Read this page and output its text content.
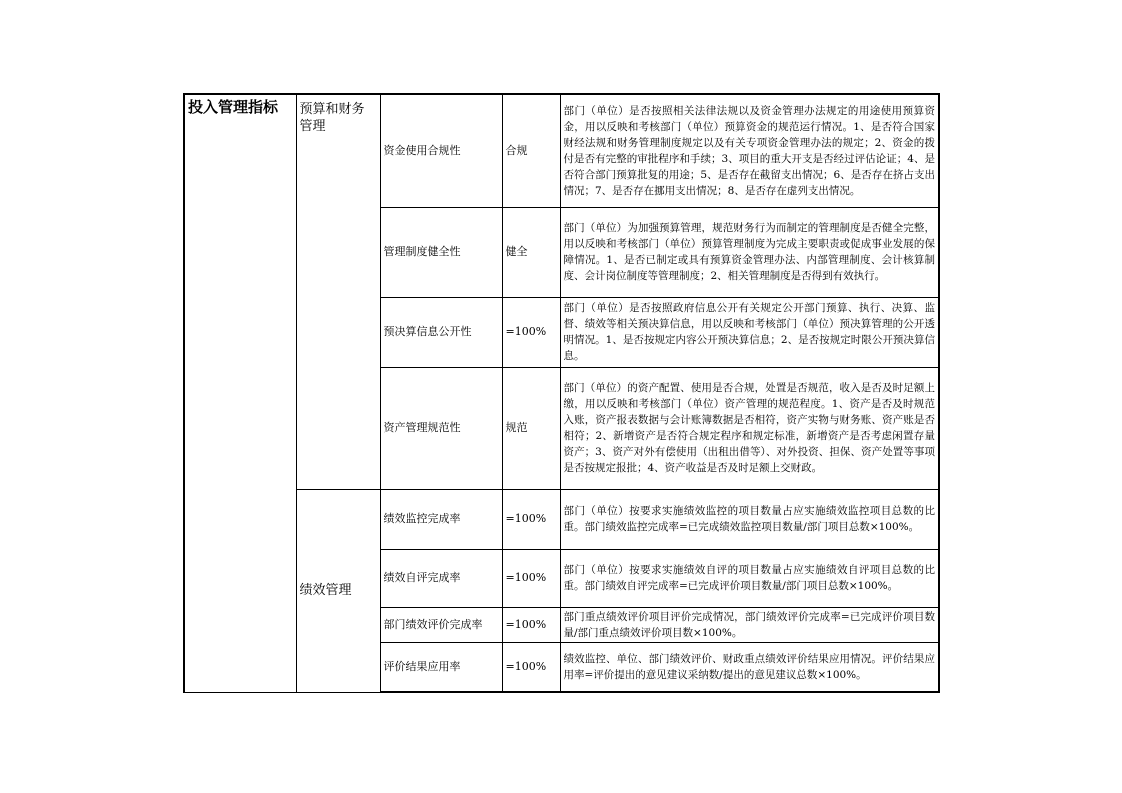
投入管理指标	预算和财务管理	资金使用合规性	合规	部门（单位）是否按照相关法律法规以及资金管理办法规定的用途使用预算资金，用以反映和考核部门（单位）预算资金的规范运行情况。1、是否符合国家财经法规和财务管理制度规定以及有关专项资金管理办法的规定；2、资金的拨付是否有完整的审批程序和手续；3、项目的重大开支是否经过评估论证；4、是否符合部门预算批复的用途；5、是否存在截留支出情况；6、是否存在挤占支出情况；7、是否存在挪用支出情况；8、是否存在虚列支出情况。
		管理制度健全性	健全	部门（单位）为加强预算管理，规范财务行为而制定的管理制度是否健全完整，用以反映和考核部门（单位）预算管理制度为完成主要职责或促成事业发展的保障情况。1、是否已制定或具有预算资金管理办法、内部管理制度、会计核算制度、会计岗位制度等管理制度；2、相关管理制度是否得到有效执行。
		预决算信息公开性	=100%	部门（单位）是否按照政府信息公开有关规定公开部门预算、执行、决算、监督、绩效等相关预决算信息，用以反映和考核部门（单位）预决算管理的公开透明情况。1、是否按规定内容公开预决算信息；2、是否按规定时限公开预决算信息。
		资产管理规范性	规范	部门（单位）的资产配置、使用是否合规，处置是否规范，收入是否及时足额上缴，用以反映和考核部门（单位）资产管理的规范程度。1、资产是否及时规范入账，资产报表数据与会计账簿数据是否相符，资产实物与财务账、资产账是否相符；2、新增资产是否符合规定程序和规定标准，新增资产是否考虑闲置存量资产；3、资产对外有偿使用（出租出借等）、对外投资、担保、资产处置等事项是否按规定报批；4、资产收益是否及时足额上交财政。
	绩效管理	绩效监控完成率	=100%	部门（单位）按要求实施绩效监控的项目数量占应实施绩效监控项目总数的比重。部门绩效监控完成率=已完成绩效监控项目数量/部门项目总数×100%。
		绩效自评完成率	=100%	部门（单位）按要求实施绩效自评的项目数量占应实施绩效自评项目总数的比重。部门绩效自评完成率=已完成评价项目数量/部门项目总数×100%。
		部门绩效评价完成率	=100%	部门重点绩效评价项目评价完成情况，部门绩效评价完成率=已完成评价项目数量/部门重点绩效评价项目数×100%。
		评价结果应用率	=100%	绩效监控、单位、部门绩效评价、财政重点绩效评价结果应用情况。评价结果应用率=评价提出的意见建议采纳数/提出的意见建议总数×100%。
